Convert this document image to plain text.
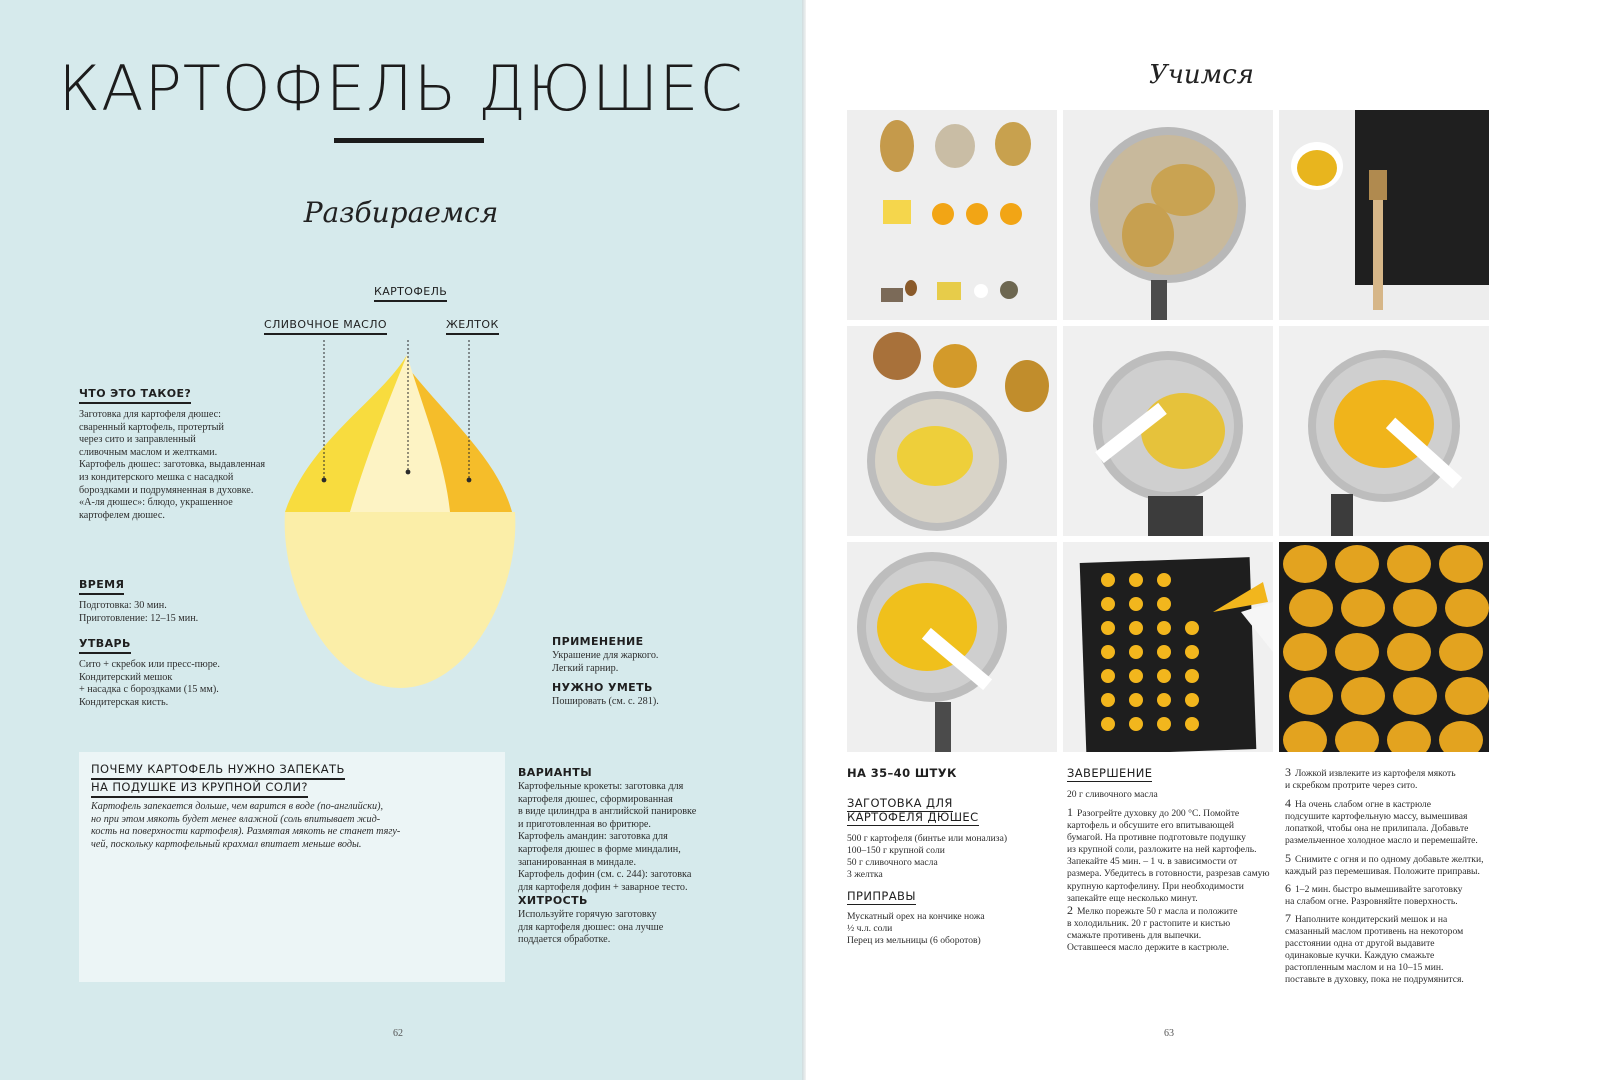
КАРТОФЕЛЬ ДЮШЕС
Разбираемся
КАРТОФЕЛЬ
СЛИВОЧНОЕ МАСЛО	ЖЕЛТОК
ЧТО ЭТО ТАКОЕ?
Заготовка для картофеля дюшес:
сваренный картофель, протертый
через сито и заправленный
сливочным маслом и желтками.
Картофель дюшес: заготовка, выдавленная
из кондитерского мешка с насадкой
бороздками и подрумяненная в духовке.
«А-ля дюшес»: блюдо, украшенное
картофелем дюшес.
ВРЕМЯ
Подготовка: 30 мин.
Приготовление: 12–15 мин.
УТВАРЬ
Сито + скребок или пресс-пюре.
Кондитерский мешок
+ насадка с бороздками (15 мм).
Кондитерская кисть.
ПРИМЕНЕНИЕ
Украшение для жаркого.
Легкий гарнир.
НУЖНО УМЕТЬ
Пошировать (см. с. 281).
ПОЧЕМУ КАРТОФЕЛЬ НУЖНО ЗАПЕКАТЬ
НА ПОДУШКЕ ИЗ КРУПНОЙ СОЛИ?
Картофель запекается дольше, чем варится в воде (по-английски),
но при этом мякоть будет менее влажной (соль впитывает жид-
кость на поверхности картофеля). Размятая мякоть не станет тягу-
чей, поскольку картофельный крахмал впитает меньше воды.
ВАРИАНТЫ
Картофельные крокеты: заготовка для
картофеля дюшес, сформированная
в виде цилиндра в английской панировке
и приготовленная во фритюре.
Картофель амандин: заготовка для
картофеля дюшес в форме миндалин,
запанированная в миндале.
Картофель дофин (см. с. 244): заготовка
для картофеля дофин + заварное тесто.
ХИТРОСТЬ
Используйте горячую заготовку
для картофеля дюшес: она лучше
поддается обработке.
62
Учимся
НА 35–40 ШТУК
ЗАГОТОВКА ДЛЯ
КАРТОФЕЛЯ ДЮШЕС
500 г картофеля (бинтье или монализа)
100–150 г крупной соли
50 г сливочного масла
3 желтка
ПРИПРАВЫ
Мускатный орех на кончике ножа
½ ч.л. соли
Перец из мельницы (6 оборотов)
ЗАВЕРШЕНИЕ
20 г сливочного масла
1 Разогрейте духовку до 200 °С. Помойте
картофель и обсушите его впитывающей
бумагой. На противне подготовьте подушку
из крупной соли, разложите на ней картофель.
Запекайте 45 мин. – 1 ч. в зависимости от
размера. Убедитесь в готовности, разрезав самую
крупную картофелину. При необходимости
запекайте еще несколько минут.
2 Мелко порежьте 50 г масла и положите
в холодильник. 20 г растопите и кистью
смажьте противень для выпечки.
Оставшееся масло держите в кастрюле.
3 Ложкой извлеките из картофеля мякоть
и скребком протрите через сито.
4 На очень слабом огне в кастрюле
подсушите картофельную массу, вымешивая
лопаткой, чтобы она не прилипала. Добавьте
размельченное холодное масло и перемешайте.
5 Снимите с огня и по одному добавьте желтки,
каждый раз перемешивая. Положите приправы.
6 1–2 мин. быстро вымешивайте заготовку
на слабом огне. Разровняйте поверхность.
7 Наполните кондитерский мешок и на
смазанный маслом противень на некотором
расстоянии одна от другой выдавите
одинаковые кучки. Каждую смажьте
растопленным маслом и на 10–15 мин.
поставьте в духовку, пока не подрумянится.
63
